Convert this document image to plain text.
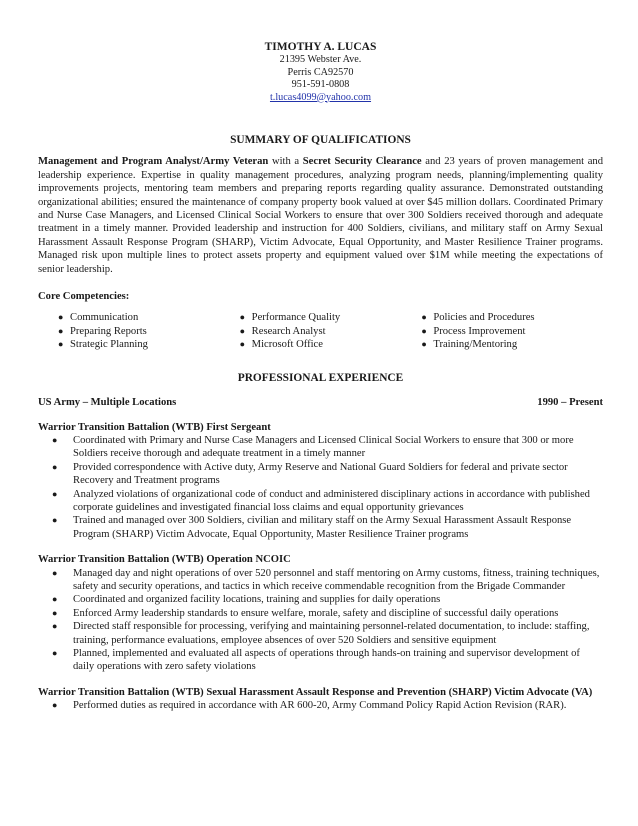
TIMOTHY A. LUCAS
21395 Webster Ave.
Perris CA92570
951-591-0808
t.lucas4099@yahoo.com
SUMMARY OF QUALIFICATIONS
Management and Program Analyst/Army Veteran with a Secret Security Clearance and 23 years of proven management and leadership experience. Expertise in quality management procedures, analyzing program needs, planning/implementing quality improvements projects, mentoring team members and preparing reports regarding quality assurance. Demonstrated outstanding organizational abilities; ensured the maintenance of company property book valued at over $45 million dollars. Coordinated Primary and Nurse Case Managers, and Licensed Clinical Social Workers to ensure that over 300 Soldiers received thorough and adequate treatment in a timely manner. Provided leadership and instruction for 400 Soldiers, civilians, and military staff on Army Sexual Harassment Assault Response Program (SHARP), Victim Advocate, Equal Opportunity, and Master Resilience Trainer programs. Managed risk upon multiple lines to protect assets property and equipment valued over $1M while meeting the expectations of senior leadership.
Core Competencies:
● Communication
● Preparing Reports
● Strategic Planning
● Performance Quality
● Research Analyst
● Microsoft Office
● Policies and Procedures
● Process Improvement
● Training/Mentoring
PROFESSIONAL EXPERIENCE
US Army – Multiple Locations	1990 – Present
Warrior Transition Battalion (WTB) First Sergeant
●	Coordinated with Primary and Nurse Case Managers and Licensed Clinical Social Workers to ensure that 300 or more Soldiers receive thorough and adequate treatment in a timely manner
●	Provided correspondence with Active duty, Army Reserve and National Guard Soldiers for federal and private sector Recovery and Treatment programs
●	Analyzed violations of organizational code of conduct and administered disciplinary actions in accordance with published corporate guidelines and investigated financial loss claims and equal opportunity grievances
●	Trained and managed over 300 Soldiers, civilian and military staff on the Army Sexual Harassment Assault Response Program (SHARP) Victim Advocate, Equal Opportunity, Master Resilience Trainer programs
Warrior Transition Battalion (WTB) Operation NCOIC
●	Managed day and night operations of over 520 personnel and staff mentoring on Army customs, fitness, training techniques, safety and security operations, and tactics in which receive commendable recognition from the Brigade Commander
●	Coordinated and organized facility locations, training and supplies for daily operations
●	Enforced Army leadership standards to ensure welfare, morale, safety and discipline of successful daily operations
●	Directed staff responsible for processing, verifying and maintaining personnel-related documentation, to include: staffing, training, performance evaluations, employee absences of over 520 Soldiers and sensitive equipment
●	Planned, implemented and evaluated all aspects of operations through hands-on training and supervisor development of daily operations with zero safety violations
Warrior Transition Battalion (WTB) Sexual Harassment Assault Response and Prevention (SHARP) Victim Advocate (VA)
●	Performed duties as required in accordance with AR 600-20, Army Command Policy Rapid Action Revision (RAR).
